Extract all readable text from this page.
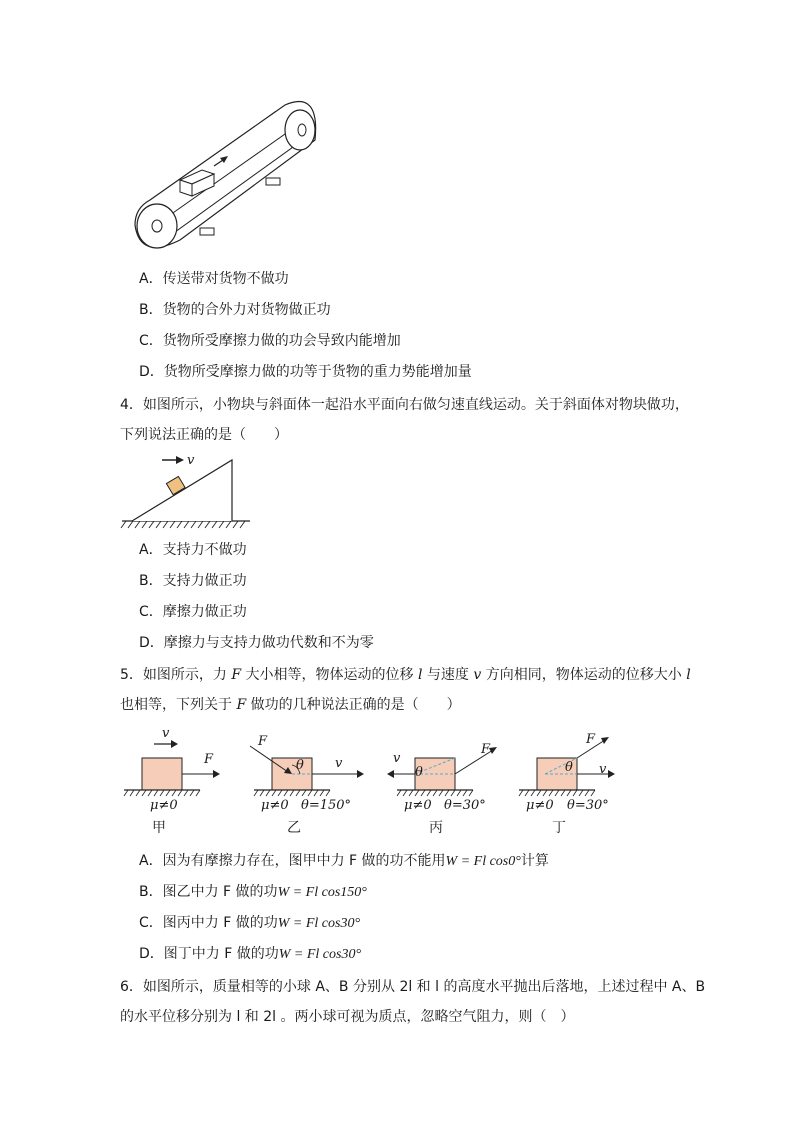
A．传送带对货物不做功
B．货物的合外力对货物做正功
C．货物所受摩擦力做的功会导致内能增加
D．货物所受摩擦力做的功等于货物的重力势能增加量
4．如图所示，小物块与斜面体一起沿水平面向右做匀速直线运动。关于斜面体对物块做功，
下列说法正确的是（　　）
v
A．支持力不做功
B．支持力做正功
C．摩擦力做正功
D．摩擦力与支持力做功代数和不为零
5．如图所示，力 F 大小相等，物体运动的位移 l 与速度 v 方向相同，物体运动的位移大小 l
也相等，下列关于 F 做功的几种说法正确的是（　　）
v
F
μ≠0
甲
F
θ v
μ≠0 θ=150°
乙
v
F
θ
μ≠0 θ=30°
丙
F
θ v
μ≠0 θ=30°
丁
A．因为有摩擦力存在，图甲中力 F 做的功不能用W = Fl cos0°计算
B．图乙中力 F 做的功W = Fl cos150°
C．图丙中力 F 做的功W = Fl cos30°
D．图丁中力 F 做的功W = Fl cos30°
6．如图所示，质量相等的小球 A、B 分别从 2l 和 l 的高度水平抛出后落地，上述过程中 A、B
的水平位移分别为 l 和 2l 。两小球可视为质点，忽略空气阻力，则（　）
